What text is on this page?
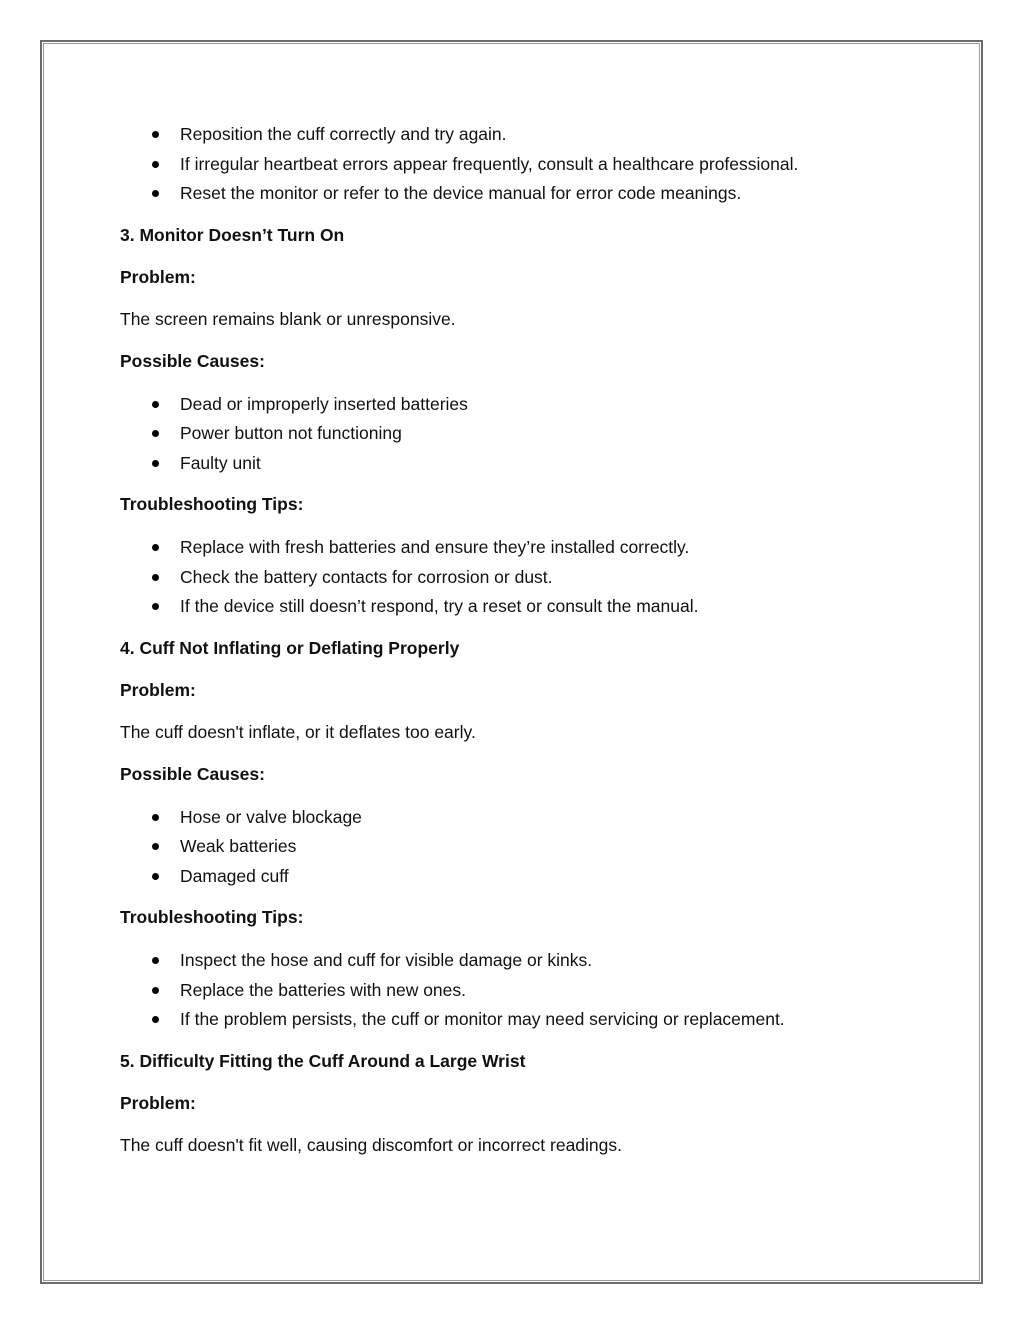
Reposition the cuff correctly and try again.
If irregular heartbeat errors appear frequently, consult a healthcare professional.
Reset the monitor or refer to the device manual for error code meanings.
3. Monitor Doesn’t Turn On
Problem:
The screen remains blank or unresponsive.
Possible Causes:
Dead or improperly inserted batteries
Power button not functioning
Faulty unit
Troubleshooting Tips:
Replace with fresh batteries and ensure they’re installed correctly.
Check the battery contacts for corrosion or dust.
If the device still doesn’t respond, try a reset or consult the manual.
4. Cuff Not Inflating or Deflating Properly
Problem:
The cuff doesn't inflate, or it deflates too early.
Possible Causes:
Hose or valve blockage
Weak batteries
Damaged cuff
Troubleshooting Tips:
Inspect the hose and cuff for visible damage or kinks.
Replace the batteries with new ones.
If the problem persists, the cuff or monitor may need servicing or replacement.
5. Difficulty Fitting the Cuff Around a Large Wrist
Problem:
The cuff doesn't fit well, causing discomfort or incorrect readings.
